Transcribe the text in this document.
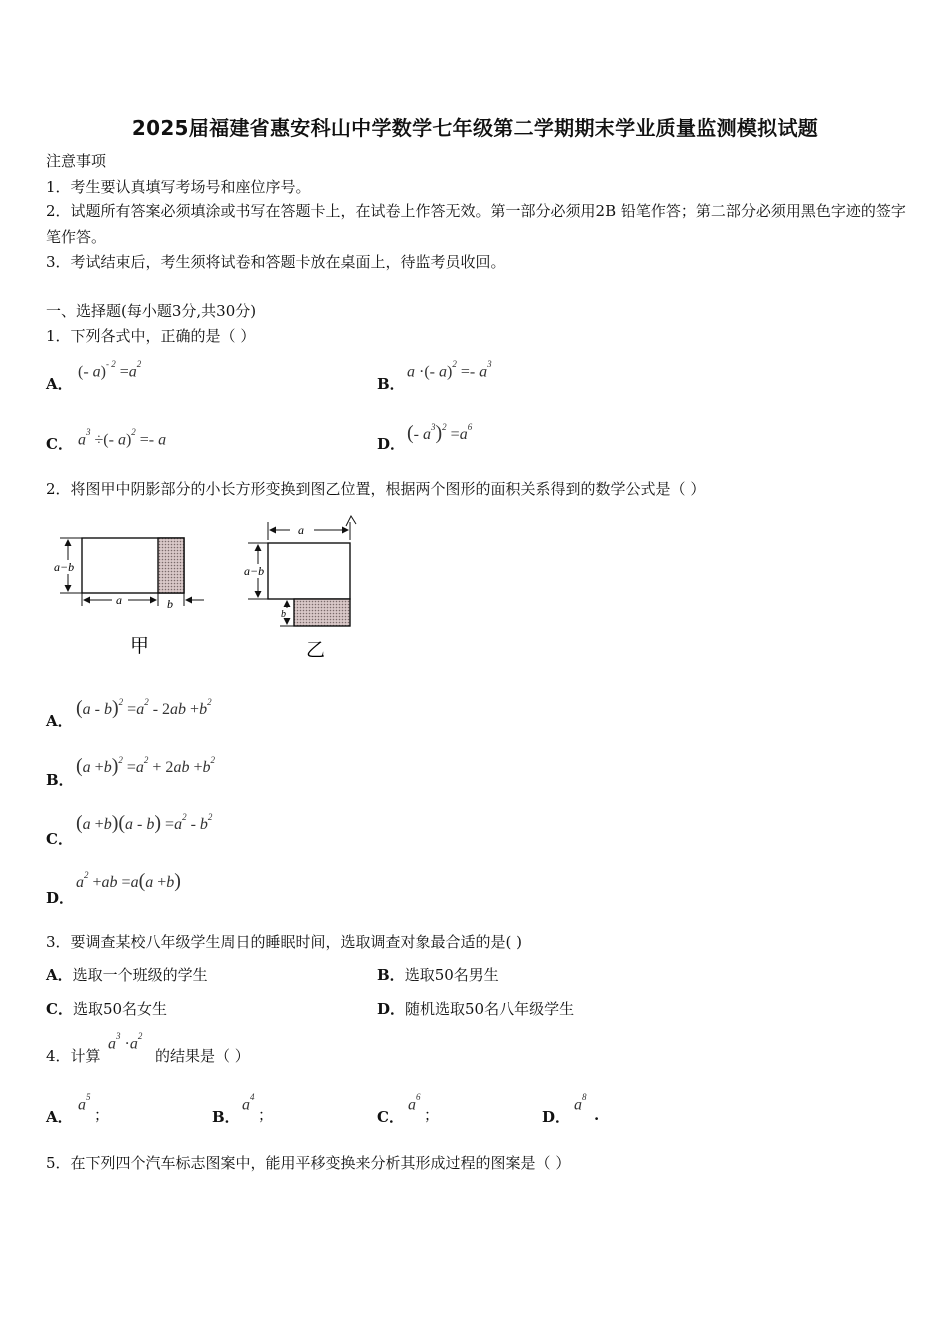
2025届福建省惠安科山中学数学七年级第二学期期末学业质量监测模拟试题
注意事项
1．考生要认真填写考场号和座位序号。
2．试题所有答案必须填涂或书写在答题卡上，在试卷上作答无效。第一部分必须用2B 铅笔作答；第二部分必须用黑色字迹的签字笔作答。
3．考试结束后，考生须将试卷和答题卡放在桌面上，待监考员收回。
一、选择题(每小题3分,共30分)
1．下列各式中，正确的是（ ）
A．
(- $a)^{- 2} =a^2$
B．
a ·(- $a)^2 =- a^3$
C． $a^3$ ÷(- a)$^2$ =- a	D． (- $a^3)^2 =a^6$
2．将图甲中阴影部分的小长方形变换到图乙位置，根据两个图形的面积关系得到的数学公式是（ ）
a−b
a	b
甲
a
a−b
b
乙
A．
$(a - b)^2 =a^2 - 2ab +b^2$
B．
$(a +b)^2 =a^2 + 2ab +b^2$
C．
$(a +b)(a - b) =a^2 - b^2$
D．
$a^2 +ab =a(a +b)$
3．要调查某校八年级学生周日的睡眠时间，选取调查对象最合适的是( )
A．选取一个班级的学生	B．选取50名男生
C．选取50名女生	D．随机选取50名八年级学生
4．计算
$a^3 \cdot a^2$
的结果是（ ）
A．
$a^5$
；	B．
$a^4$
；	C．
$a^6$
；	D．
$a^8$
.
5．在下列四个汽车标志图案中，能用平移变换来分析其形成过程的图案是（ ）
